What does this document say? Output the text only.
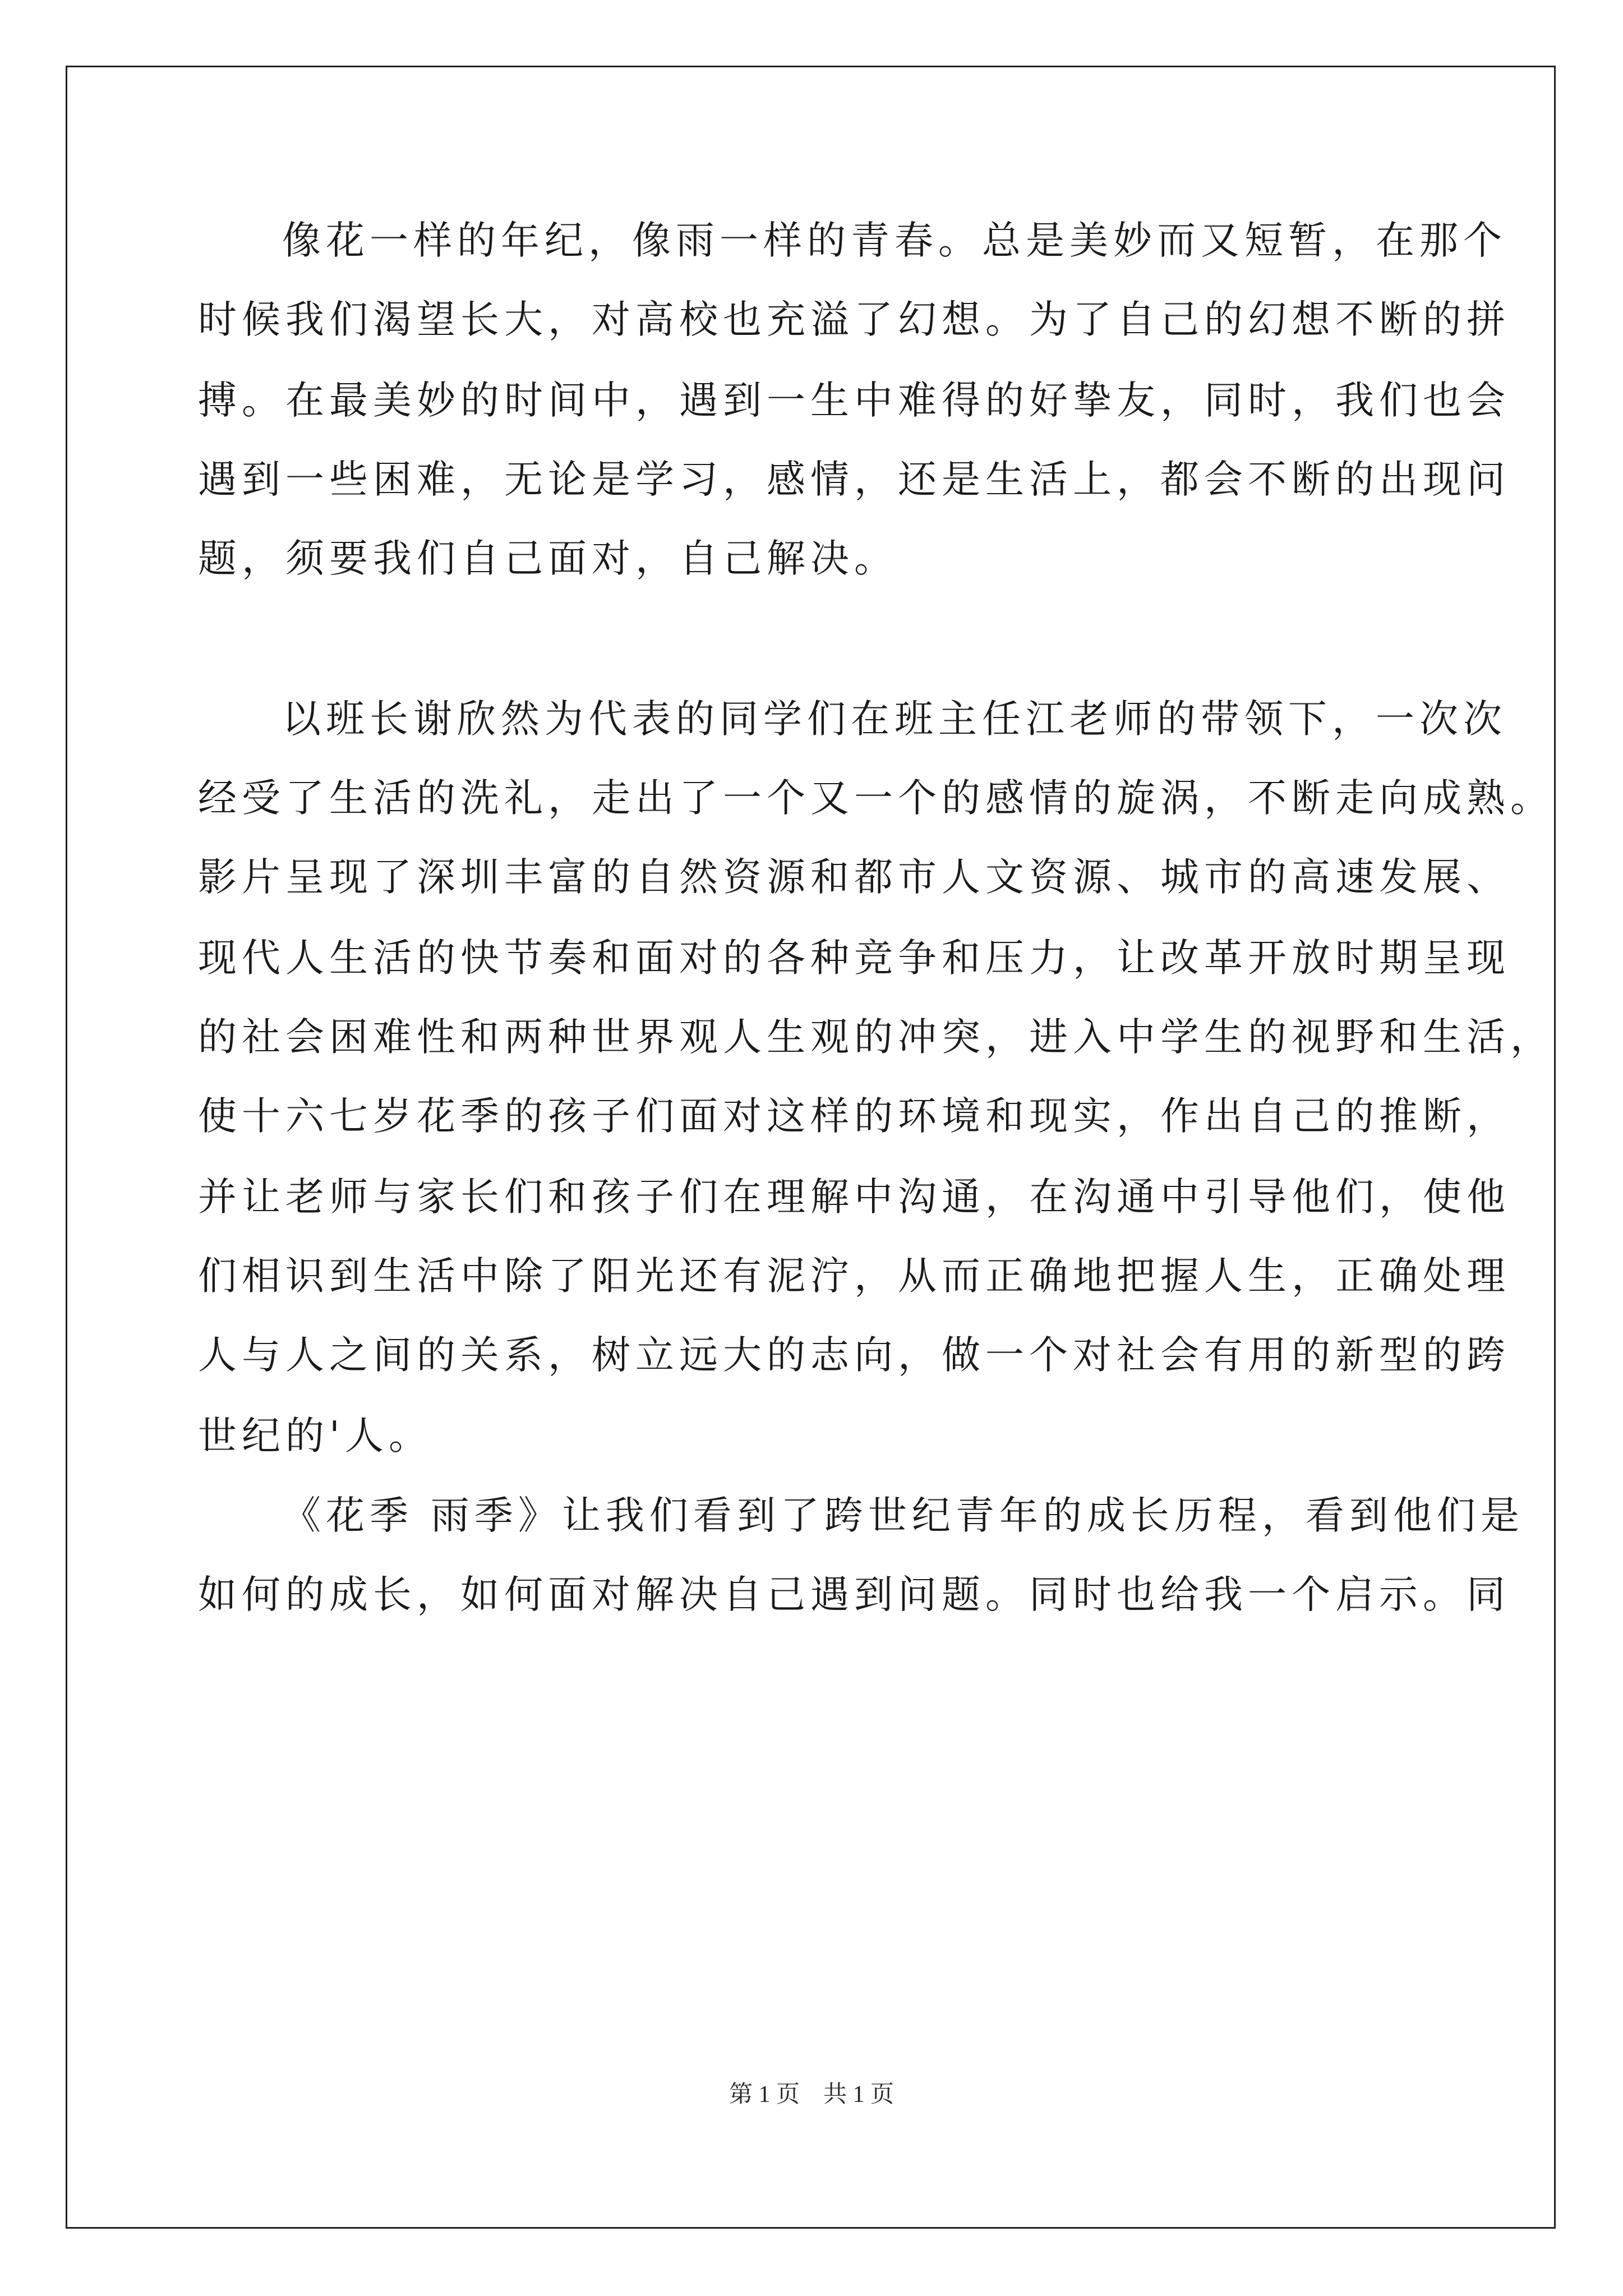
像花一样的年纪，像雨一样的青春。总是美妙而又短暂，在那个
时候我们渴望长大，对高校也充溢了幻想。为了自己的幻想不断的拼
搏。在最美妙的时间中，遇到一生中难得的好挚友，同时，我们也会
遇到一些困难，无论是学习，感情，还是生活上，都会不断的出现问
题，须要我们自己面对，自己解决。
以班长谢欣然为代表的同学们在班主任江老师的带领下，一次次
经受了生活的洗礼，走出了一个又一个的感情的旋涡，不断走向成熟。
影片呈现了深圳丰富的自然资源和都市人文资源、城市的高速发展、
现代人生活的快节奏和面对的各种竞争和压力，让改革开放时期呈现
的社会困难性和两种世界观人生观的冲突，进入中学生的视野和生活，
使十六七岁花季的孩子们面对这样的环境和现实，作出自己的推断，
并让老师与家长们和孩子们在理解中沟通，在沟通中引导他们，使他
们相识到生活中除了阳光还有泥泞，从而正确地把握人生，正确处理
人与人之间的关系，树立远大的志向，做一个对社会有用的新型的跨
世纪的'人。
《花季 雨季》让我们看到了跨世纪青年的成长历程，看到他们是
如何的成长，如何面对解决自己遇到问题。同时也给我一个启示。同
第 1 页　共 1 页
